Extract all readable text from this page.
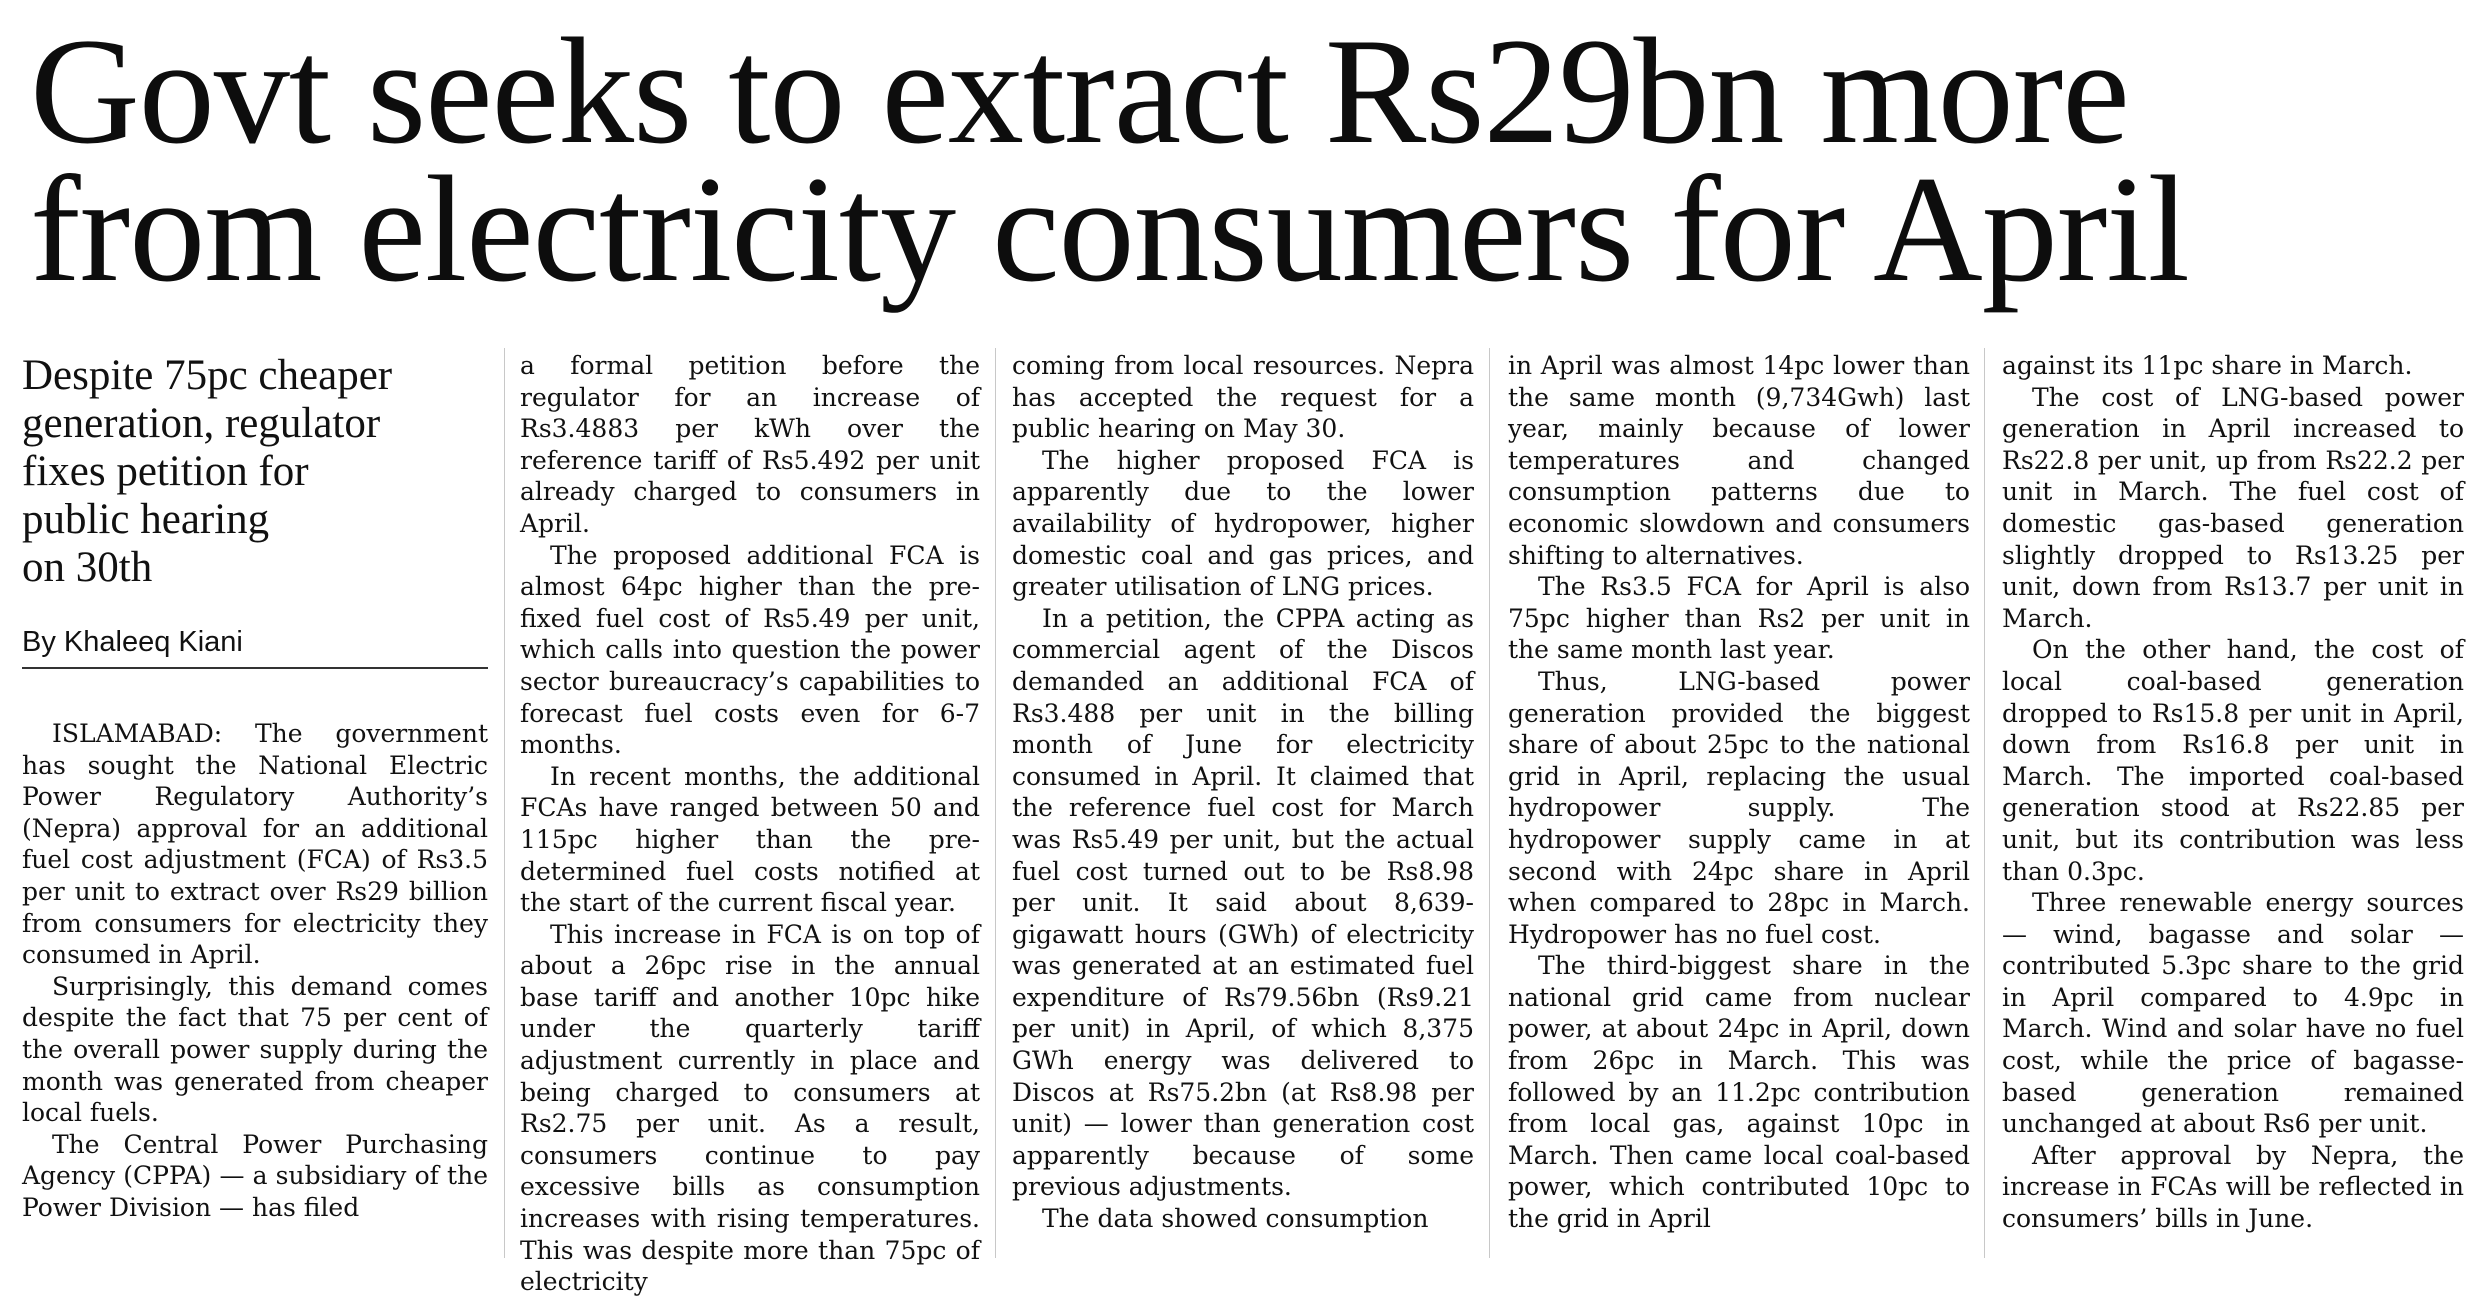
Govt seeks to extract Rs29bn more
from electricity consumers for April
Despite 75pc cheaper
generation, regulator
fixes petition for
public hearing
on 30th
By Khaleeq Kiani

ISLAMABAD: The government has sought the National Electric Power Regulatory Authority’s (Nepra) approval for an additional fuel cost adjustment (FCA) of Rs3.5 per unit to extract over Rs29 billion from consumers for electricity they consumed in April.

Surprisingly, this demand comes despite the fact that 75 per cent of the overall power supply during the month was generated from cheaper local fuels.

The Central Power Purchasing Agency (CPPA) — a subsidiary of the Power Division — has filed

a formal petition before the regulator for an increase of Rs3.4883 per kWh over the reference tariff of Rs5.492 per unit already charged to consumers in April.

The proposed additional FCA is almost 64pc higher than the pre-fixed fuel cost of Rs5.49 per unit, which calls into question the power sector bureaucracy’s capabilities to forecast fuel costs even for 6-7 months.

In recent months, the additional FCAs have ranged between 50 and 115pc higher than the pre-determined fuel costs notified at the start of the current fiscal year.

This increase in FCA is on top of about a 26pc rise in the annual base tariff and another 10pc hike under the quarterly tariff adjustment currently in place and being charged to consumers at Rs2.75 per unit. As a result, consumers continue to pay excessive bills as consumption increases with rising temperatures. This was despite more than 75pc of electricity

coming from local resources. Nepra has accepted the request for a public hearing on May 30.

The higher proposed FCA is apparently due to the lower availability of hydropower, higher domestic coal and gas prices, and greater utilisation of LNG prices.

In a petition, the CPPA acting as commercial agent of the Discos demanded an additional FCA of Rs3.488 per unit in the billing month of June for electricity consumed in April. It claimed that the reference fuel cost for March was Rs5.49 per unit, but the actual fuel cost turned out to be Rs8.98 per unit. It said about 8,639-gigawatt hours (GWh) of electricity was generated at an estimated fuel expenditure of Rs79.56bn (Rs9.21 per unit) in April, of which 8,375 GWh energy was delivered to Discos at Rs75.2bn (at Rs8.98 per unit) — lower than generation cost apparently because of some previous adjustments.

The data showed consumption

in April was almost 14pc lower than the same month (9,734Gwh) last year, mainly because of lower temperatures and changed consumption patterns due to economic slowdown and consumers shifting to alternatives.

The Rs3.5 FCA for April is also 75pc higher than Rs2 per unit in the same month last year.

Thus, LNG-based power generation provided the biggest share of about 25pc to the national grid in April, replacing the usual hydropower supply. The hydropower supply came in at second with 24pc share in April when compared to 28pc in March. Hydropower has no fuel cost.

The third-biggest share in the national grid came from nuclear power, at about 24pc in April, down from 26pc in March. This was followed by an 11.2pc contribution from local gas, against 10pc in March. Then came local coal-based power, which contributed 10pc to the grid in April

against its 11pc share in March.

The cost of LNG-based power generation in April increased to Rs22.8 per unit, up from Rs22.2 per unit in March. The fuel cost of domestic gas-based generation slightly dropped to Rs13.25 per unit, down from Rs13.7 per unit in March.

On the other hand, the cost of local coal-based generation dropped to Rs15.8 per unit in April, down from Rs16.8 per unit in March. The imported coal-based generation stood at Rs22.85 per unit, but its contribution was less than 0.3pc.

Three renewable energy sources — wind, bagasse and solar — contributed 5.3pc share to the grid in April compared to 4.9pc in March. Wind and solar have no fuel cost, while the price of bagasse-based generation remained unchanged at about Rs6 per unit.

After approval by Nepra, the increase in FCAs will be reflected in consumers’ bills in June.
